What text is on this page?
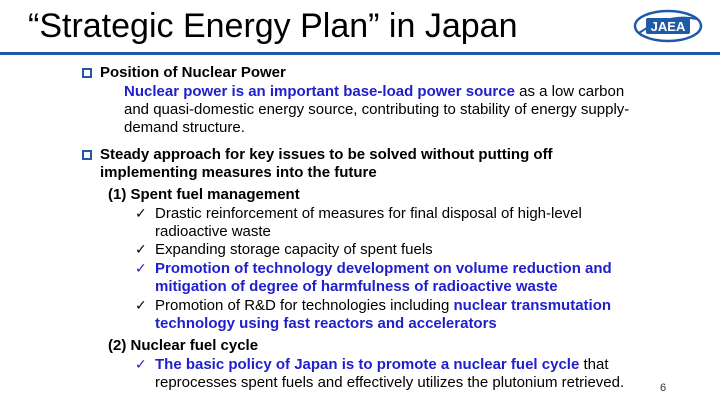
“Strategic Energy Plan” in Japan	JAEA
Position of Nuclear Power
Nuclear power is an important base-load power source as a low carbon
and quasi-domestic energy source, contributing to stability of energy supply-
demand structure.
Steady approach for key issues to be solved without putting off
implementing measures into the future
(1) Spent fuel management
✓ Drastic reinforcement of measures for final disposal of high-level
radioactive waste
✓ Expanding storage capacity of spent fuels
✓ Promotion of technology development on volume reduction and
mitigation of degree of harmfulness of radioactive waste
✓ Promotion of R&D for technologies including nuclear transmutation
technology using fast reactors and accelerators
(2) Nuclear fuel cycle
✓ The basic policy of Japan is to promote a nuclear fuel cycle that
reprocesses spent fuels and effectively utilizes the plutonium retrieved.	6
